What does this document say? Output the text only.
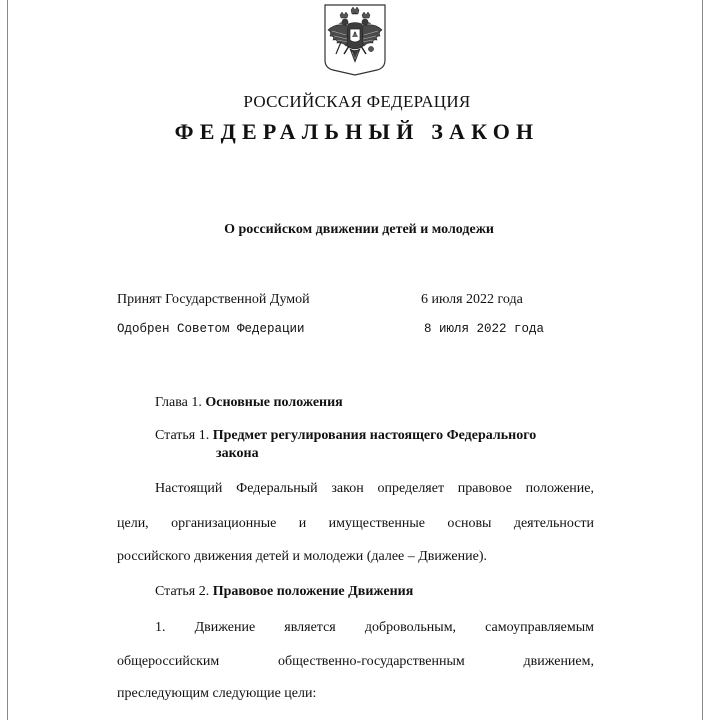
РОССИЙСКАЯ ФЕДЕРАЦИЯ
ФЕДЕРАЛЬНЫЙ ЗАКОН
О российском движении детей и молодежи
Принят Государственной Думой	6 июля 2022 года
Одобрен Советом Федерации	8 июля 2022 года
Глава 1. Основные положения
Статья 1. Предмет регулирования настоящего Федерального
закона
Настоящий Федеральный закон определяет правовое положение,
цели, организационные и имущественные основы деятельности
российского движения детей и молодежи (далее – Движение).
Статья 2. Правовое положение Движения
1. Движение является добровольным, самоуправляемым
общероссийским общественно-государственным движением,
преследующим следующие цели:
